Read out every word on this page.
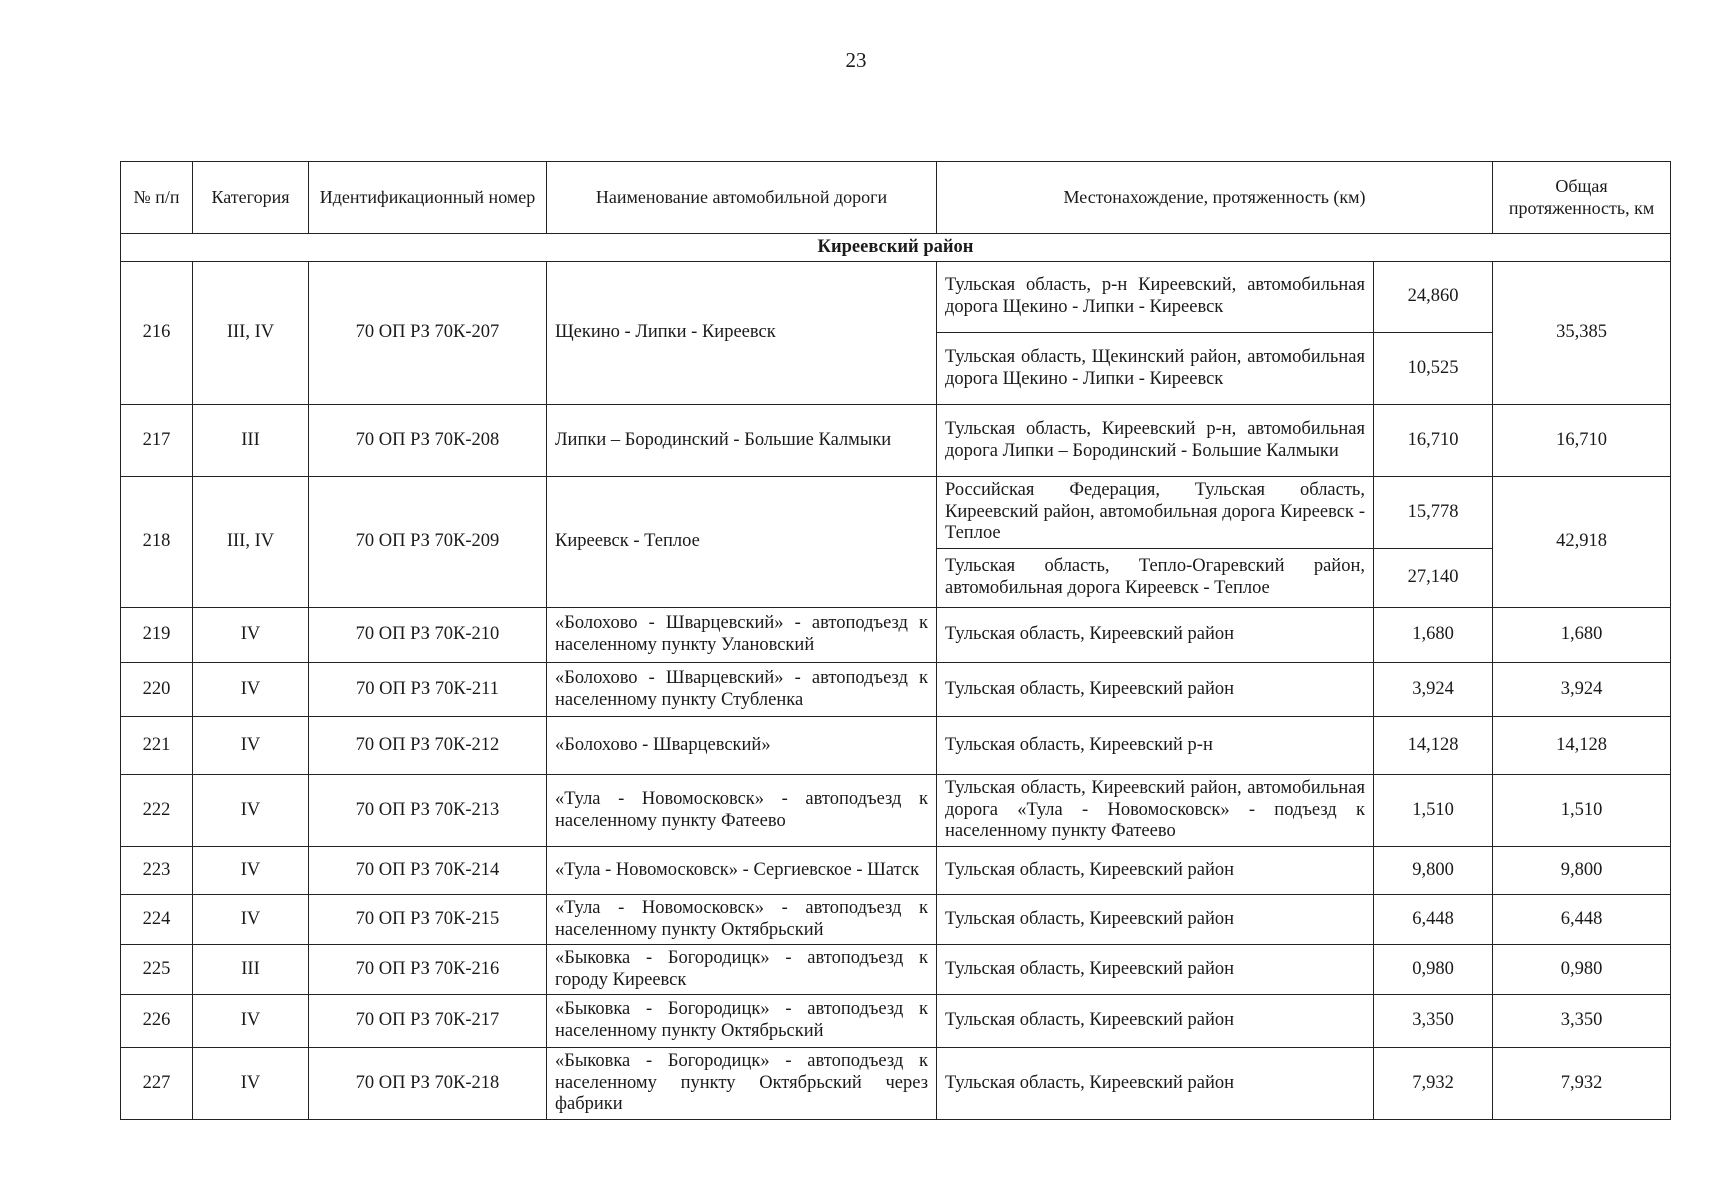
23
№ п/п	Категория	Идентификационный номер	Наименование автомобильной дороги	Местонахождение, протяженность (км)		Общая протяженность, км
Киреевский район						
216	III, IV	70 ОП РЗ 70К-207	Щекино - Липки - Киреевск	Тульская область, р-н Киреевский, автомобильная дорога Щекино - Липки - Киреевск	24,860	35,385
				Тульская область, Щекинский район, автомобильная дорога Щекино - Липки - Киреевск	10,525	
217	III	70 ОП РЗ 70К-208	Липки – Бородинский - Большие Калмыки	Тульская область, Киреевский р-н, автомобильная дорога Липки – Бородинский - Большие Калмыки	16,710	16,710
218	III, IV	70 ОП РЗ 70К-209	Киреевск - Теплое	Российская Федерация, Тульская область, Киреевский район, автомобильная дорога Киреевск - Теплое	15,778	42,918
				Тульская область, Тепло-Огаревский район, автомобильная дорога Киреевск - Теплое	27,140	
219	IV	70 ОП РЗ 70К-210	«Болохово - Шварцевский» - автоподъезд к населенному пункту Улановский	Тульская область, Киреевский район	1,680	1,680
220	IV	70 ОП РЗ 70К-211	«Болохово - Шварцевский» - автоподъезд к населенному пункту Стубленка	Тульская область, Киреевский район	3,924	3,924
221	IV	70 ОП РЗ 70К-212	«Болохово - Шварцевский»	Тульская область, Киреевский р-н	14,128	14,128
222	IV	70 ОП РЗ 70К-213	«Тула - Новомосковск» - автоподъезд к населенному пункту Фатеево	Тульская область, Киреевский район, автомобильная дорога «Тула - Новомосковск» - подъезд к населенному пункту Фатеево	1,510	1,510
223	IV	70 ОП РЗ 70К-214	«Тула - Новомосковск» - Сергиевское - Шатск	Тульская область, Киреевский район	9,800	9,800
224	IV	70 ОП РЗ 70К-215	«Тула - Новомосковск» - автоподъезд к населенному пункту Октябрьский	Тульская область, Киреевский район	6,448	6,448
225	III	70 ОП РЗ 70К-216	«Быковка - Богородицк» - автоподъезд к городу Киреевск	Тульская область, Киреевский район	0,980	0,980
226	IV	70 ОП РЗ 70К-217	«Быковка - Богородицк» - автоподъезд к населенному пункту Октябрьский	Тульская область, Киреевский район	3,350	3,350
227	IV	70 ОП РЗ 70К-218	«Быковка - Богородицк» - автоподъезд к населенному пункту Октябрьский через фабрики	Тульская область, Киреевский район	7,932	7,932
